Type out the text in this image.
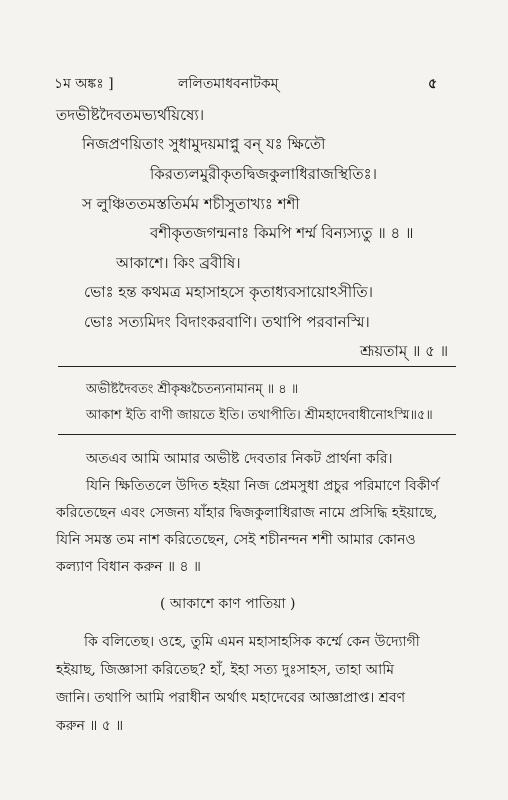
১ম অঙ্কঃ ]	ললিতমাধবনাটকম্	৫
তদভীষ্টদৈবতমভ্যর্থয়িষ্যে।
নিজপ্রণয়িতাং সুধামুদয়মাপ্নু বন্ যঃ ক্ষিতৌ
কিরত্যলমুরীকৃতদ্বিজকুলাধিরাজস্থিতিঃ।
স লুঞ্চিততমস্ততির্মম শচীসুতাখ্যঃ শশী
বশীকৃতজগন্মনাঃ কিমপি শর্ম্ম বিন্যস্যতু ॥ ৪ ॥
আকাশে। কিং ব্রবীষি।
ভোঃ হন্ত কথমত্র মহাসাহসে কৃতাধ্যবসায়োঽসীতি।
ভোঃ সত্যমিদং বিদাংকরবাণি। তথাপি পরবানস্মি।
শ্রূয়তাম্ ॥ ৫ ॥
অভীষ্টদৈবতং শ্রীকৃষ্ণচৈতন্যনামানম্ ॥ ৪ ॥
আকাশ ইতি বাণী জায়তে ইতি। তথাপীতি। শ্রীমহাদেবাধীনোঽস্মি॥৫॥
অতএব আমি আমার অভীষ্ট দেবতার নিকট প্রার্থনা করি।
যিনি ক্ষিতিতলে উদিত হইয়া নিজ প্রেমসুধা প্রচুর পরিমাণে বিকীর্ণ
করিতেছেন এবং সেজন্য যাঁহার দ্বিজকুলাধিরাজ নামে প্রসিদ্ধি হইয়াছে,
যিনি সমস্ত তম নাশ করিতেছেন, সেই শচীনন্দন শশী আমার কোনও
কল্যাণ বিধান করুন ॥ ৪ ॥
( আকাশে কাণ পাতিয়া )
কি বলিতেছ। ওহে, তুমি এমন মহাসাহসিক কর্ম্মে কেন উদ্যোগী
হইয়াছ, জিজ্ঞাসা করিতেছ? হাঁ, ইহা সত্য দুঃসাহস, তাহা আমি
জানি। তথাপি আমি পরাধীন অর্থাৎ মহাদেবের আজ্ঞাপ্রাপ্ত। শ্রবণ
করুন ॥ ৫ ॥
